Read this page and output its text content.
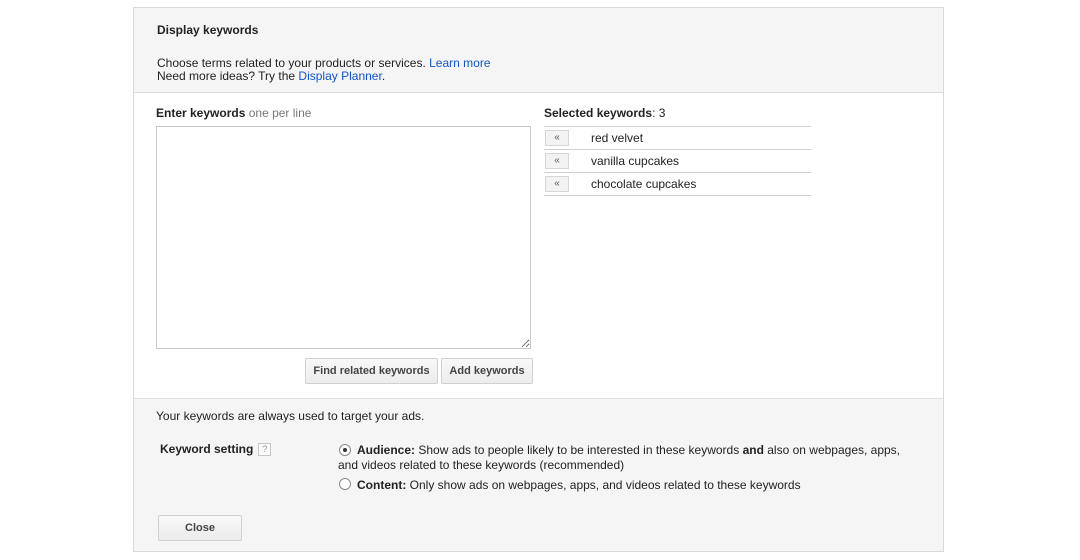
Display keywords
Choose terms related to your products or services. Learn more
Need more ideas? Try the Display Planner.
Enter keywords one per line
Find related keywords	Add keywords
Selected keywords: 3
«	red velvet
«	vanilla cupcakes
«	chocolate cupcakes
Your keywords are always used to target your ads.
Keyword setting ?	Audience: Show ads to people likely to be interested in these keywords and also on webpages, apps,
and videos related to these keywords (recommended)
Content: Only show ads on webpages, apps, and videos related to these keywords
Close
